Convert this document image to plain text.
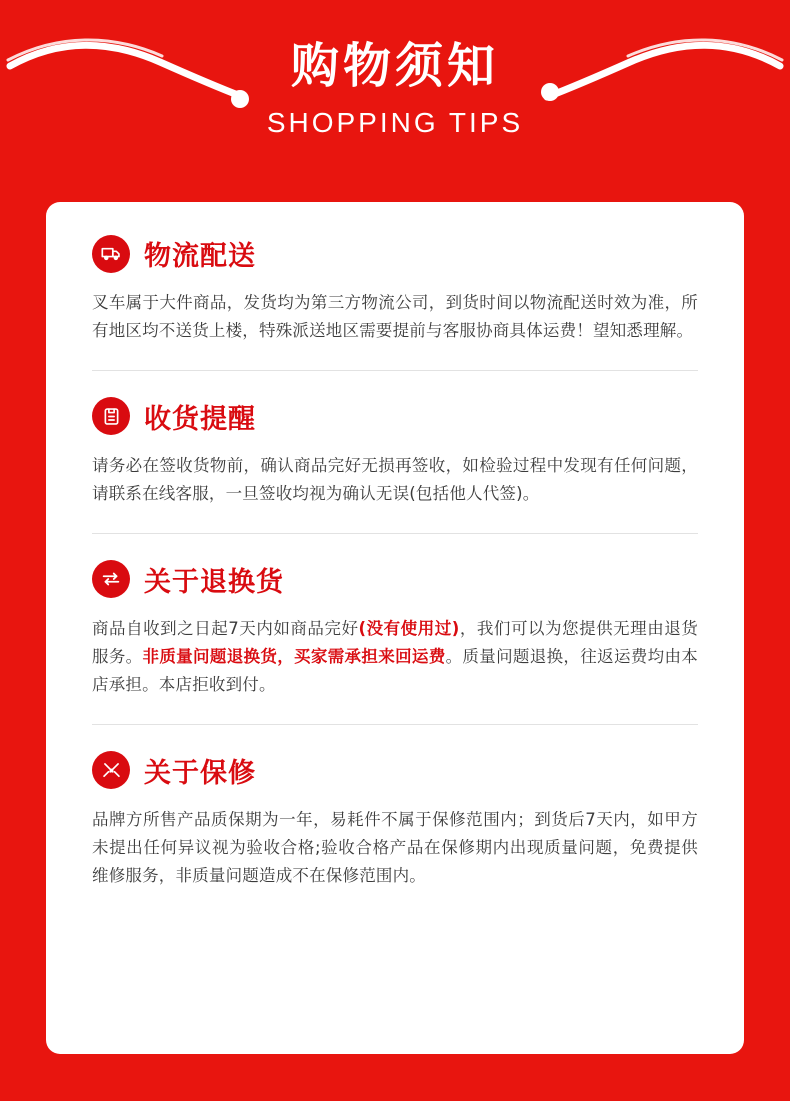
购物须知
SHOPPING TIPS
物流配送
叉车属于大件商品，发货均为第三方物流公司，到货时间以物流配送时效为准，所有地区均不送货上楼，特殊派送地区需要提前与客服协商具体运费！望知悉理解。
收货提醒
请务必在签收货物前，确认商品完好无损再签收，如检验过程中发现有任何问题，请联系在线客服，一旦签收均视为确认无误(包括他人代签)。
关于退换货
商品自收到之日起7天内如商品完好(没有使用过)，我们可以为您提供无理由退货服务。非质量问题退换货，买家需承担来回运费。质量问题退换，往返运费均由本店承担。本店拒收到付。
关于保修
品牌方所售产品质保期为一年，易耗件不属于保修范围内；到货后7天内，如甲方未提出任何异议视为验收合格;验收合格产品在保修期内出现质量问题，免费提供维修服务，非质量问题造成不在保修范围内。
